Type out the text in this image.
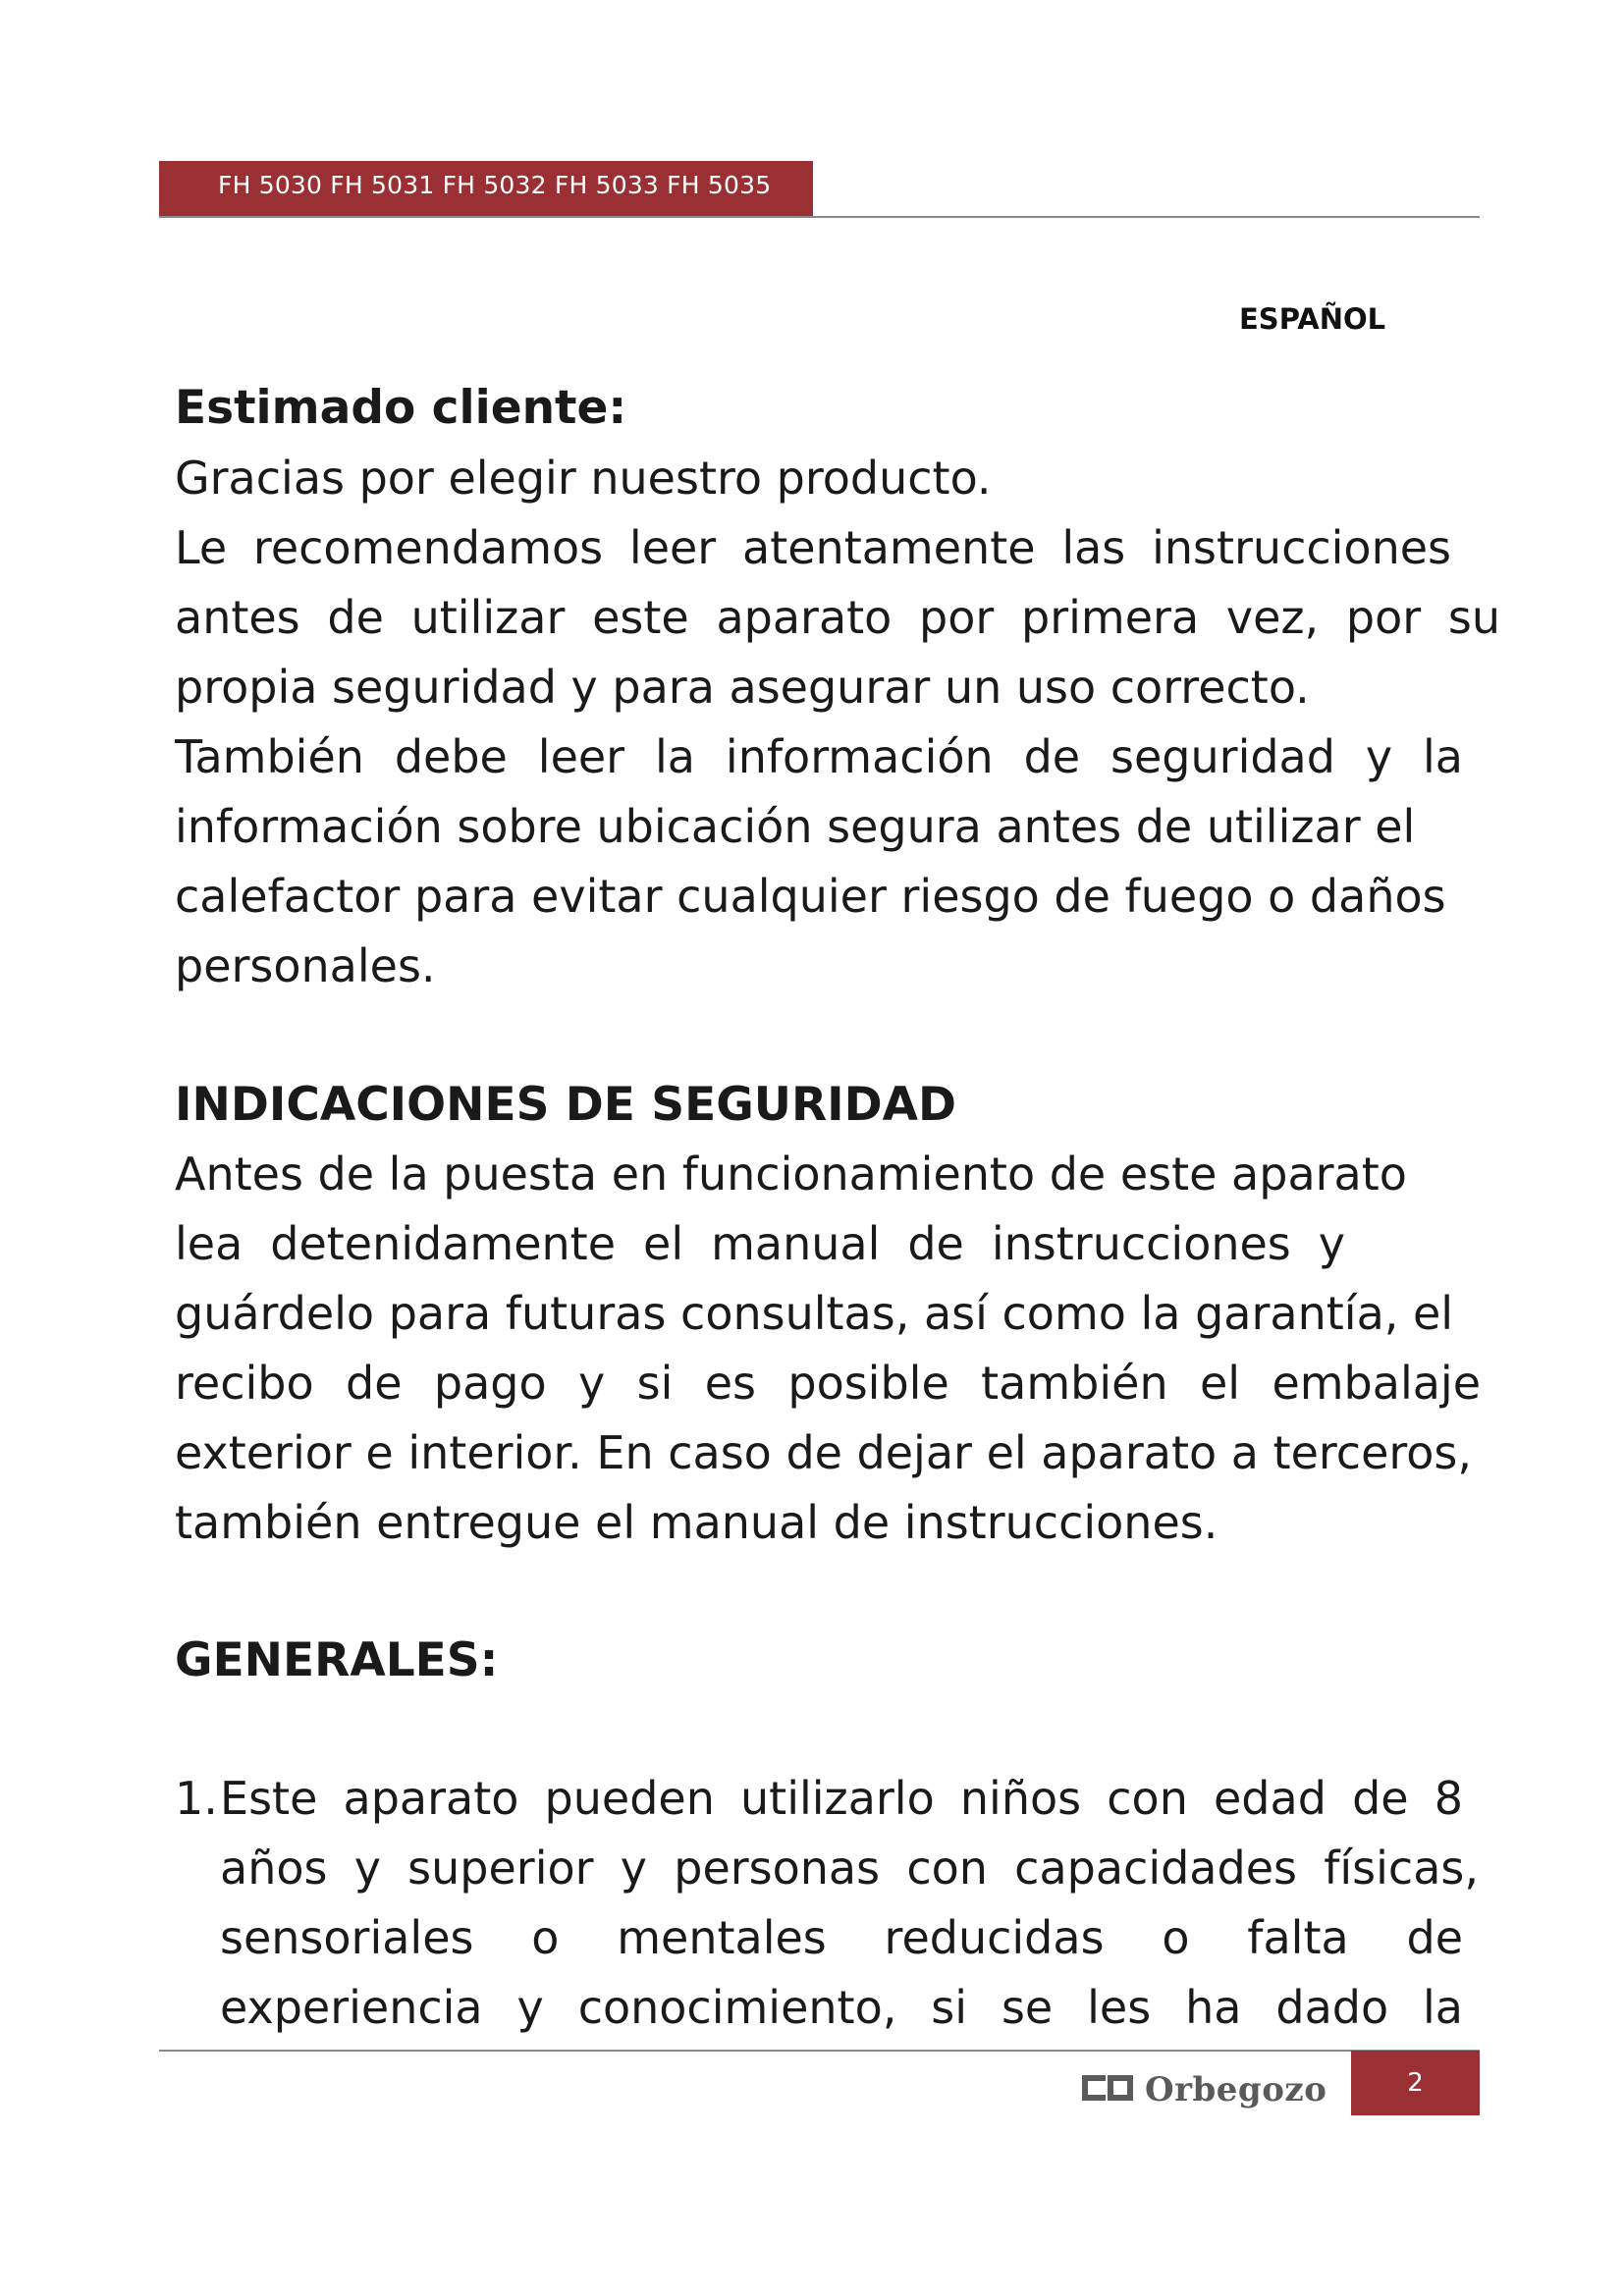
FH 5030 FH 5031 FH 5032 FH 5033 FH 5035
ESPAÑOL
Estimado cliente:

Gracias por elegir nuestro producto.
Le recomendamos leer atentamente las instrucciones
antes de utilizar este aparato por primera vez, por su
propia seguridad y para asegurar un uso correcto.
También debe leer la información de seguridad y la
información sobre ubicación segura antes de utilizar el
calefactor para evitar cualquier riesgo de fuego o daños
personales.

INDICACIONES DE SEGURIDAD

Antes de la puesta en funcionamiento de este aparato
lea detenidamente el manual de instrucciones y
guárdelo para futuras consultas, así como la garantía, el
recibo de pago y si es posible también el embalaje
exterior e interior. En caso de dejar el aparato a terceros,
también entregue el manual de instrucciones.

GENERALES:
1. Este aparato pueden utilizarlo niños con edad de 8
años y superior y personas con capacidades físicas,
sensoriales o mentales reducidas o falta de
experiencia y conocimiento, si se les ha dado la
Orbegozo	2
